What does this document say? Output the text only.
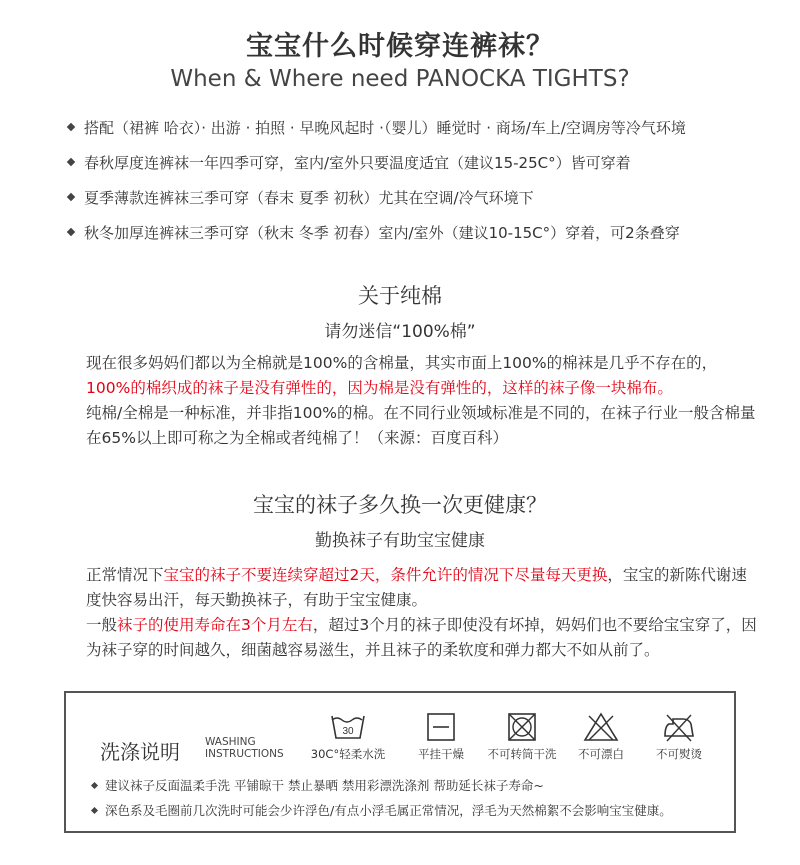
宝宝什么时候穿连裤袜？
When & Where need PANOCKA TIGHTS?
搭配（裙裤 哈衣）· 出游 · 拍照 · 早晚风起时 ·（婴儿）睡觉时 · 商场/车上/空调房等冷气环境
春秋厚度连裤袜一年四季可穿，室内/室外只要温度适宜（建议15-25C°）皆可穿着
夏季薄款连裤袜三季可穿（春末 夏季 初秋）尤其在空调/冷气环境下
秋冬加厚连裤袜三季可穿（秋末 冬季 初春）室内/室外（建议10-15C°）穿着，可2条叠穿
关于纯棉
请勿迷信“100%棉”

现在很多妈妈们都以为全棉就是100%的含棉量，其实市面上100%的棉袜是几乎不存在的，100%的棉织成的袜子是没有弹性的，因为棉是没有弹性的，这样的袜子像一块棉布。

纯棉/全棉是一种标准，并非指100%的棉。在不同行业领域标准是不同的，在袜子行业一般含棉量在65%以上即可称之为全棉或者纯棉了！（来源：百度百科）

宝宝的袜子多久换一次更健康？
勤换袜子有助宝宝健康

正常情况下宝宝的袜子不要连续穿超过2天，条件允许的情况下尽量每天更换，宝宝的新陈代谢速度快容易出汗，每天勤换袜子，有助于宝宝健康。

一般袜子的使用寿命在3个月左右，超过3个月的袜子即使没有坏掉，妈妈们也不要给宝宝穿了，因为袜子穿的时间越久，细菌越容易滋生，并且袜子的柔软度和弹力都大不如从前了。

洗涤说明 WASHING
INSTRUCTIONS
30
30C°轻柔水洗	平挂干燥	不可转筒干洗	不可漂白	不可熨烫
建议袜子反面温柔手洗 平铺晾干 禁止暴晒 禁用彩漂洗涤剂 帮助延长袜子寿命~
深色系及毛圈前几次洗时可能会少许浮色/有点小浮毛属正常情况，浮毛为天然棉絮不会影响宝宝健康。
